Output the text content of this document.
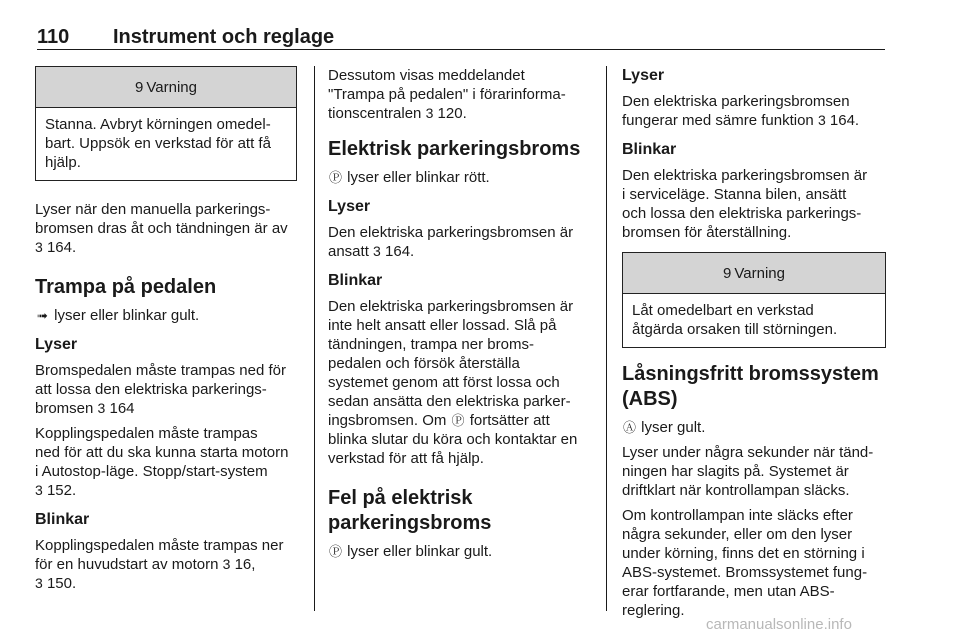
110 Instrument och reglage
9 Varning
Stanna. Avbryt körningen omedel-
bart. Uppsök en verkstad för att få
hjälp.

Lyser när den manuella parkerings-
bromsen dras åt och tändningen är av
3 164.

Trampa på pedalen

➟ lyser eller blinkar gult.

Lyser

Bromspedalen måste trampas ned för
att lossa den elektriska parkerings-
bromsen 3 164

Kopplingspedalen måste trampas
ned för att du ska kunna starta motorn
i Autostop-läge. Stopp/start-system
3 152.

Blinkar

Kopplingspedalen måste trampas ner
för en huvudstart av motorn 3 16,
3 150.

Dessutom visas meddelandet
"Trampa på pedalen" i förarinforma-
tionscentralen 3 120.

Elektrisk parkeringsbroms

Ⓟ lyser eller blinkar rött.

Lyser

Den elektriska parkeringsbromsen är
ansatt 3 164.

Blinkar

Den elektriska parkeringsbromsen är
inte helt ansatt eller lossad. Slå på
tändningen, trampa ner broms-
pedalen och försök återställa
systemet genom att först lossa och
sedan ansätta den elektriska parker-
ingsbromsen. Om Ⓟ fortsätter att
blinka slutar du köra och kontaktar en
verkstad för att få hjälp.

Fel på elektrisk
parkeringsbroms

Ⓟ lyser eller blinkar gult.

Lyser

Den elektriska parkeringsbromsen
fungerar med sämre funktion 3 164.

Blinkar

Den elektriska parkeringsbromsen är
i serviceläge. Stanna bilen, ansätt
och lossa den elektriska parkerings-
bromsen för återställning.

9 Varning
Låt omedelbart en verkstad
åtgärda orsaken till störningen.
Låsningsfritt bromssystem
(ABS)

Ⓐ lyser gult.

Lyser under några sekunder när tänd-
ningen har slagits på. Systemet är
driftklart när kontrollampan släcks.

Om kontrollampan inte släcks efter
några sekunder, eller om den lyser
under körning, finns det en störning i
ABS-systemet. Bromssystemet fung-
erar fortfarande, men utan ABS-
reglering.

carmanualsonline.info
